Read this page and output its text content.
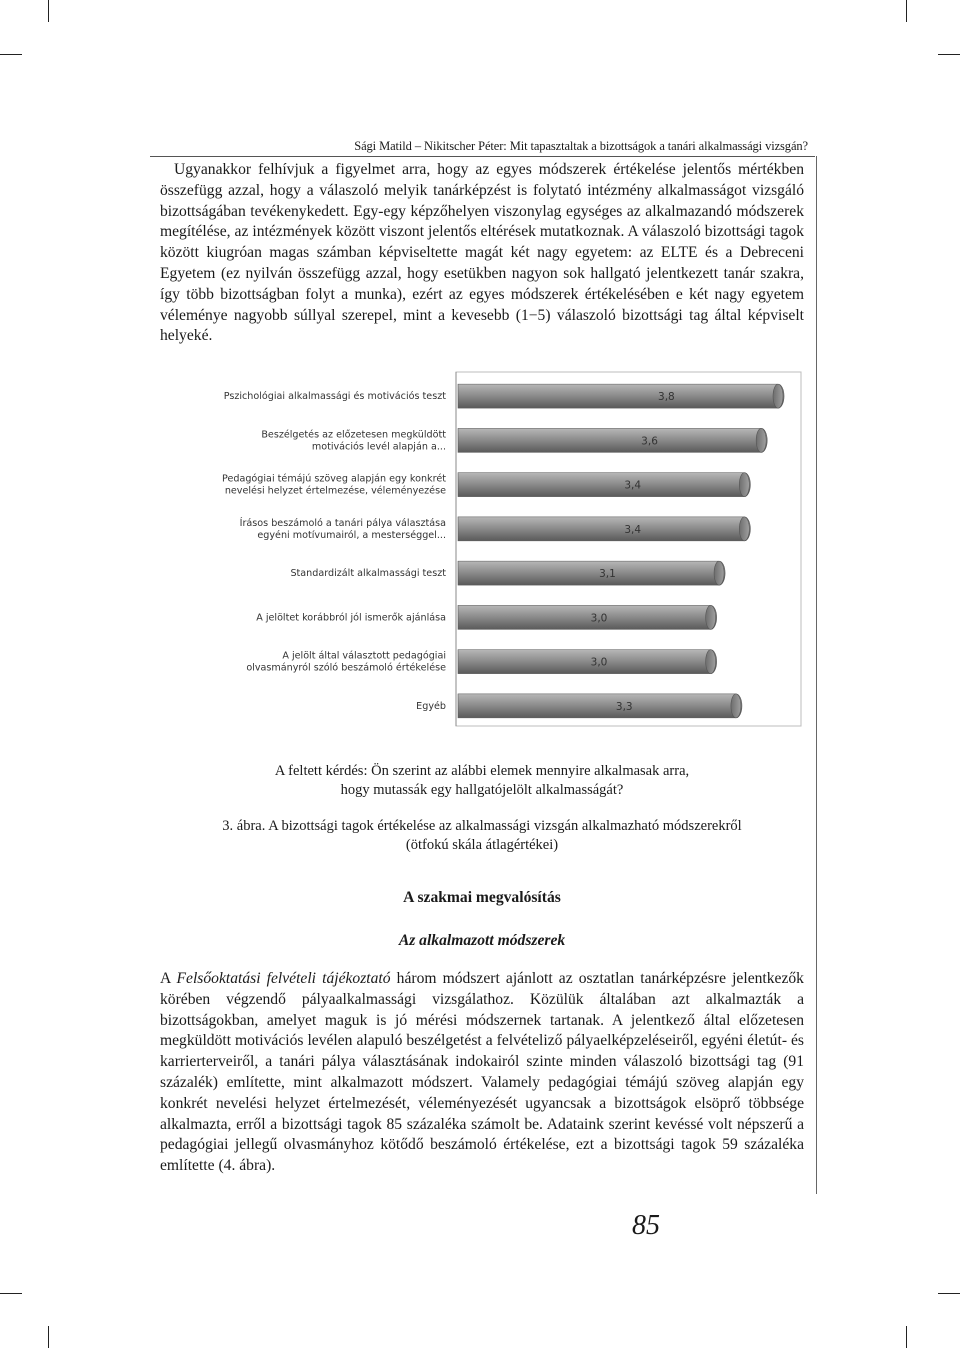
Sági Matild – Nikitscher Péter: Mit tapasztaltak a bizottságok a tanári alkalmassági vizsgán?

Ugyanakkor felhívjuk a figyelmet arra, hogy az egyes módszerek értékelése jelentős mértékben összefügg azzal, hogy a válaszoló melyik tanárképzést is folytató intézmény alkalmasságot vizsgáló bizottságában tevékenykedett. Egy-egy képzőhelyen viszonylag egységes az alkalmazandó módszerek megítélése, az intézmények között viszont jelentős eltérések mutatkoznak. A válaszoló bizottsági tagok között kiugróan magas számban képviseltette magát két nagy egyetem: az ELTE és a Debreceni Egyetem (ez nyilván összefügg azzal, hogy esetükben nagyon sok hallgató jelentkezett tanár szakra, így több bizottságban folyt a munka), ezért az egyes módszerek értékelésében e két nagy egyetem véleménye nagyobb súllyal szerepel, mint a kevesebb (1−5) válaszoló bizottsági tag által képviselt helyeké.

3,8
3,6
3,4
3,4
3,1
3,0
3,0
3,3
Pszichológiai alkalmassági és motivációs teszt
Beszélgetés az előzetesen megküldött
motivációs levél alapján a...
Pedagógiai témájú szöveg alapján egy konkrét
nevelési helyzet értelmezése, véleményezése
Írásos beszámoló a tanári pálya választása
egyéni motívumairól, a mesterséggel...
Standardizált alkalmassági teszt
A jelöltet korábbról jól ismerők ajánlása
A jelölt által választott pedagógiai
olvasmányról szóló beszámoló értékelése
Egyéb
A feltett kérdés: Ön szerint az alábbi elemek mennyire alkalmasak arra,
hogy mutassák egy hallgatójelölt alkalmasságát?
3. ábra. A bizottsági tagok értékelése az alkalmassági vizsgán alkalmazható módszerekről
(ötfokú skála átlagértékei)
A szakmai megvalósítás
Az alkalmazott módszerek

A Felsőoktatási felvételi tájékoztató három módszert ajánlott az osztatlan tanárképzésre jelentkezők körében végzendő pályaalkalmassági vizsgálathoz. Közülük általában azt alkalmazták a bizottságokban, amelyet maguk is jó mérési módszernek tartanak. A jelentkező által előzetesen megküldött motivációs levélen alapuló beszélgetést a felvételiző pályaelképzeléseiről, egyéni életút- és karrierterveiről, a tanári pálya választásának indokairól szinte minden válaszoló bizottsági tag (91 százalék) említette, mint alkalmazott módszert. Valamely pedagógiai témájú szöveg alapján egy konkrét nevelési helyzet értelmezését, véleményezését ugyancsak a bizottságok elsöprő többsége alkalmazta, erről a bizottsági tagok 85 százaléka számolt be. Adataink szerint kevéssé volt népszerű a pedagógiai jellegű olvasmányhoz kötődő beszámoló értékelése, ezt a bizottsági tagok 59 százaléka említette (4. ábra).

85
